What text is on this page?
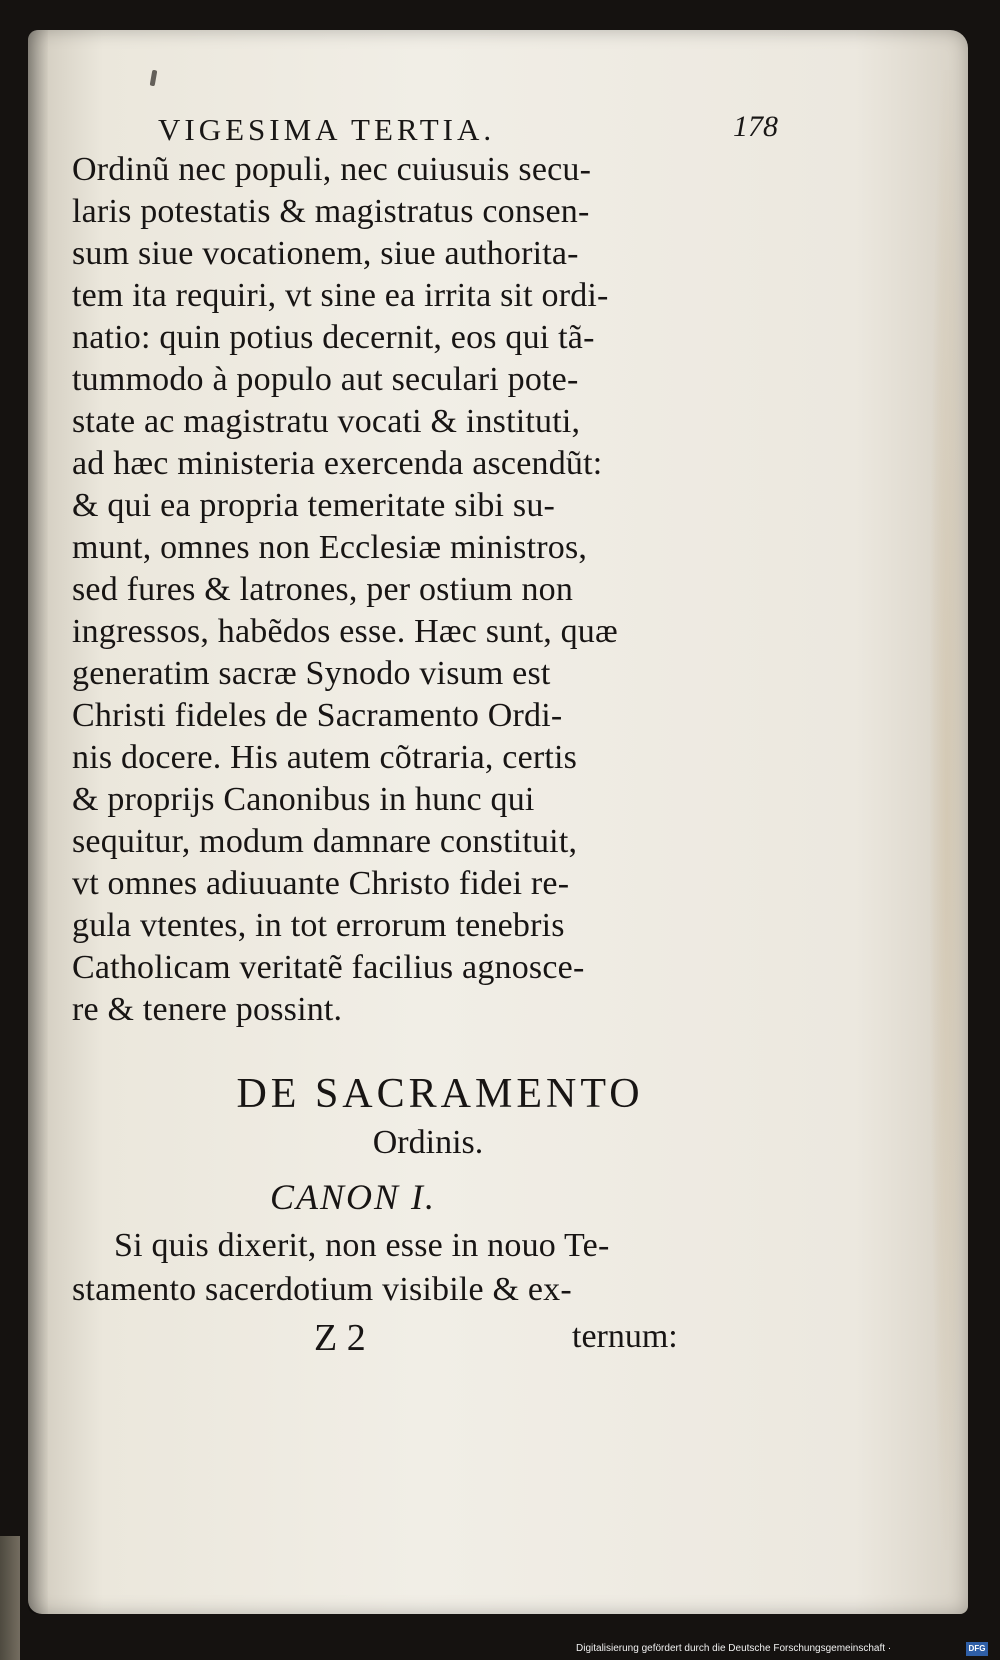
VIGESIMA TERTIA.	178
Ordinũ nec populi, nec cuiusuis secu-
laris potestatis & magistratus consen-
sum siue vocationem, siue authorita-
tem ita requiri, vt sine ea irrita sit ordi-
natio: quin potius decernit, eos qui tã-
tummodo à populo aut seculari pote-
state ac magistratu vocati & instituti,
ad hæc ministeria exercenda ascendũt:
& qui ea propria temeritate sibi su-
munt, omnes non Ecclesiæ ministros,
sed fures & latrones, per ostium non
ingressos, habẽdos esse. Hæc sunt, quæ
generatim sacræ Synodo visum est
Christi fideles de Sacramento Ordi-
nis docere. His autem cõtraria, certis
& proprijs Canonibus in hunc qui
sequitur, modum damnare constituit,
vt omnes adiuuante Christo fidei re-
gula vtentes, in tot errorum tenebris
Catholicam veritatẽ facilius agnosce-
re & tenere possint.
DE SACRAMENTO
Ordinis.
CANON I.
Si quis dixerit, non esse in nouo Te-
stamento sacerdotium visibile & ex-
Z 2	ternum:
Digitalisierung gefördert durch die Deutsche Forschungsgemeinschaft ·	DFG
